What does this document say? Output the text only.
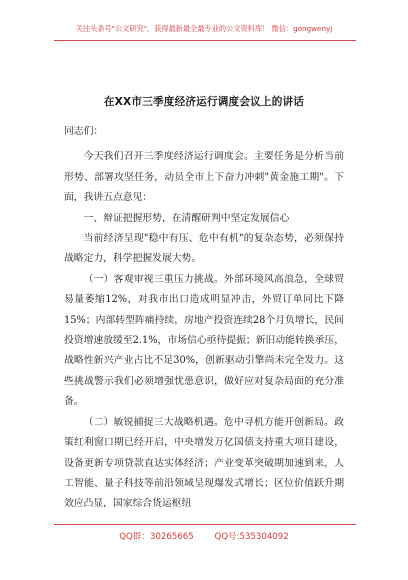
关注头条号"公文研究"，获得最新最全最专业的公文资料库！ 微信：gongwenyj
在XX市三季度经济运行调度会议上的讲话

同志们：

今天我们召开三季度经济运行调度会。主要任务是分析当前形势、部署攻坚任务，动员全市上下奋力冲刺"黄金施工期"。下面，我讲五点意见：

一、辩证把握形势，在清醒研判中坚定发展信心

当前经济呈现"稳中有压、危中有机"的复杂态势，必须保持战略定力，科学把握发展大势。

（一）客观审视三重压力挑战。外部环境风高浪急，全球贸易量萎缩12%，对我市出口造成明显冲击，外贸订单同比下降15%；内部转型阵痛持续，房地产投资连续28个月负增长，民间投资增速放缓至2.1%，市场信心亟待提振；新旧动能转换承压，战略性新兴产业占比不足30%，创新驱动引擎尚未完全发力。这些挑战警示我们必须增强忧患意识，做好应对复杂局面的充分准备。

（二）敏锐捕捉三大战略机遇。危中寻机方能开创新局。政策红利窗口期已经开启，中央增发万亿国债支持重大项目建设，设备更新专项贷款直达实体经济；产业变革突破期加速到来，人工智能、量子科技等前沿领域呈现爆发式增长；区位价值跃升期效应凸显，国家综合货运枢纽

QQ群：30265665 QQ号:535304092
